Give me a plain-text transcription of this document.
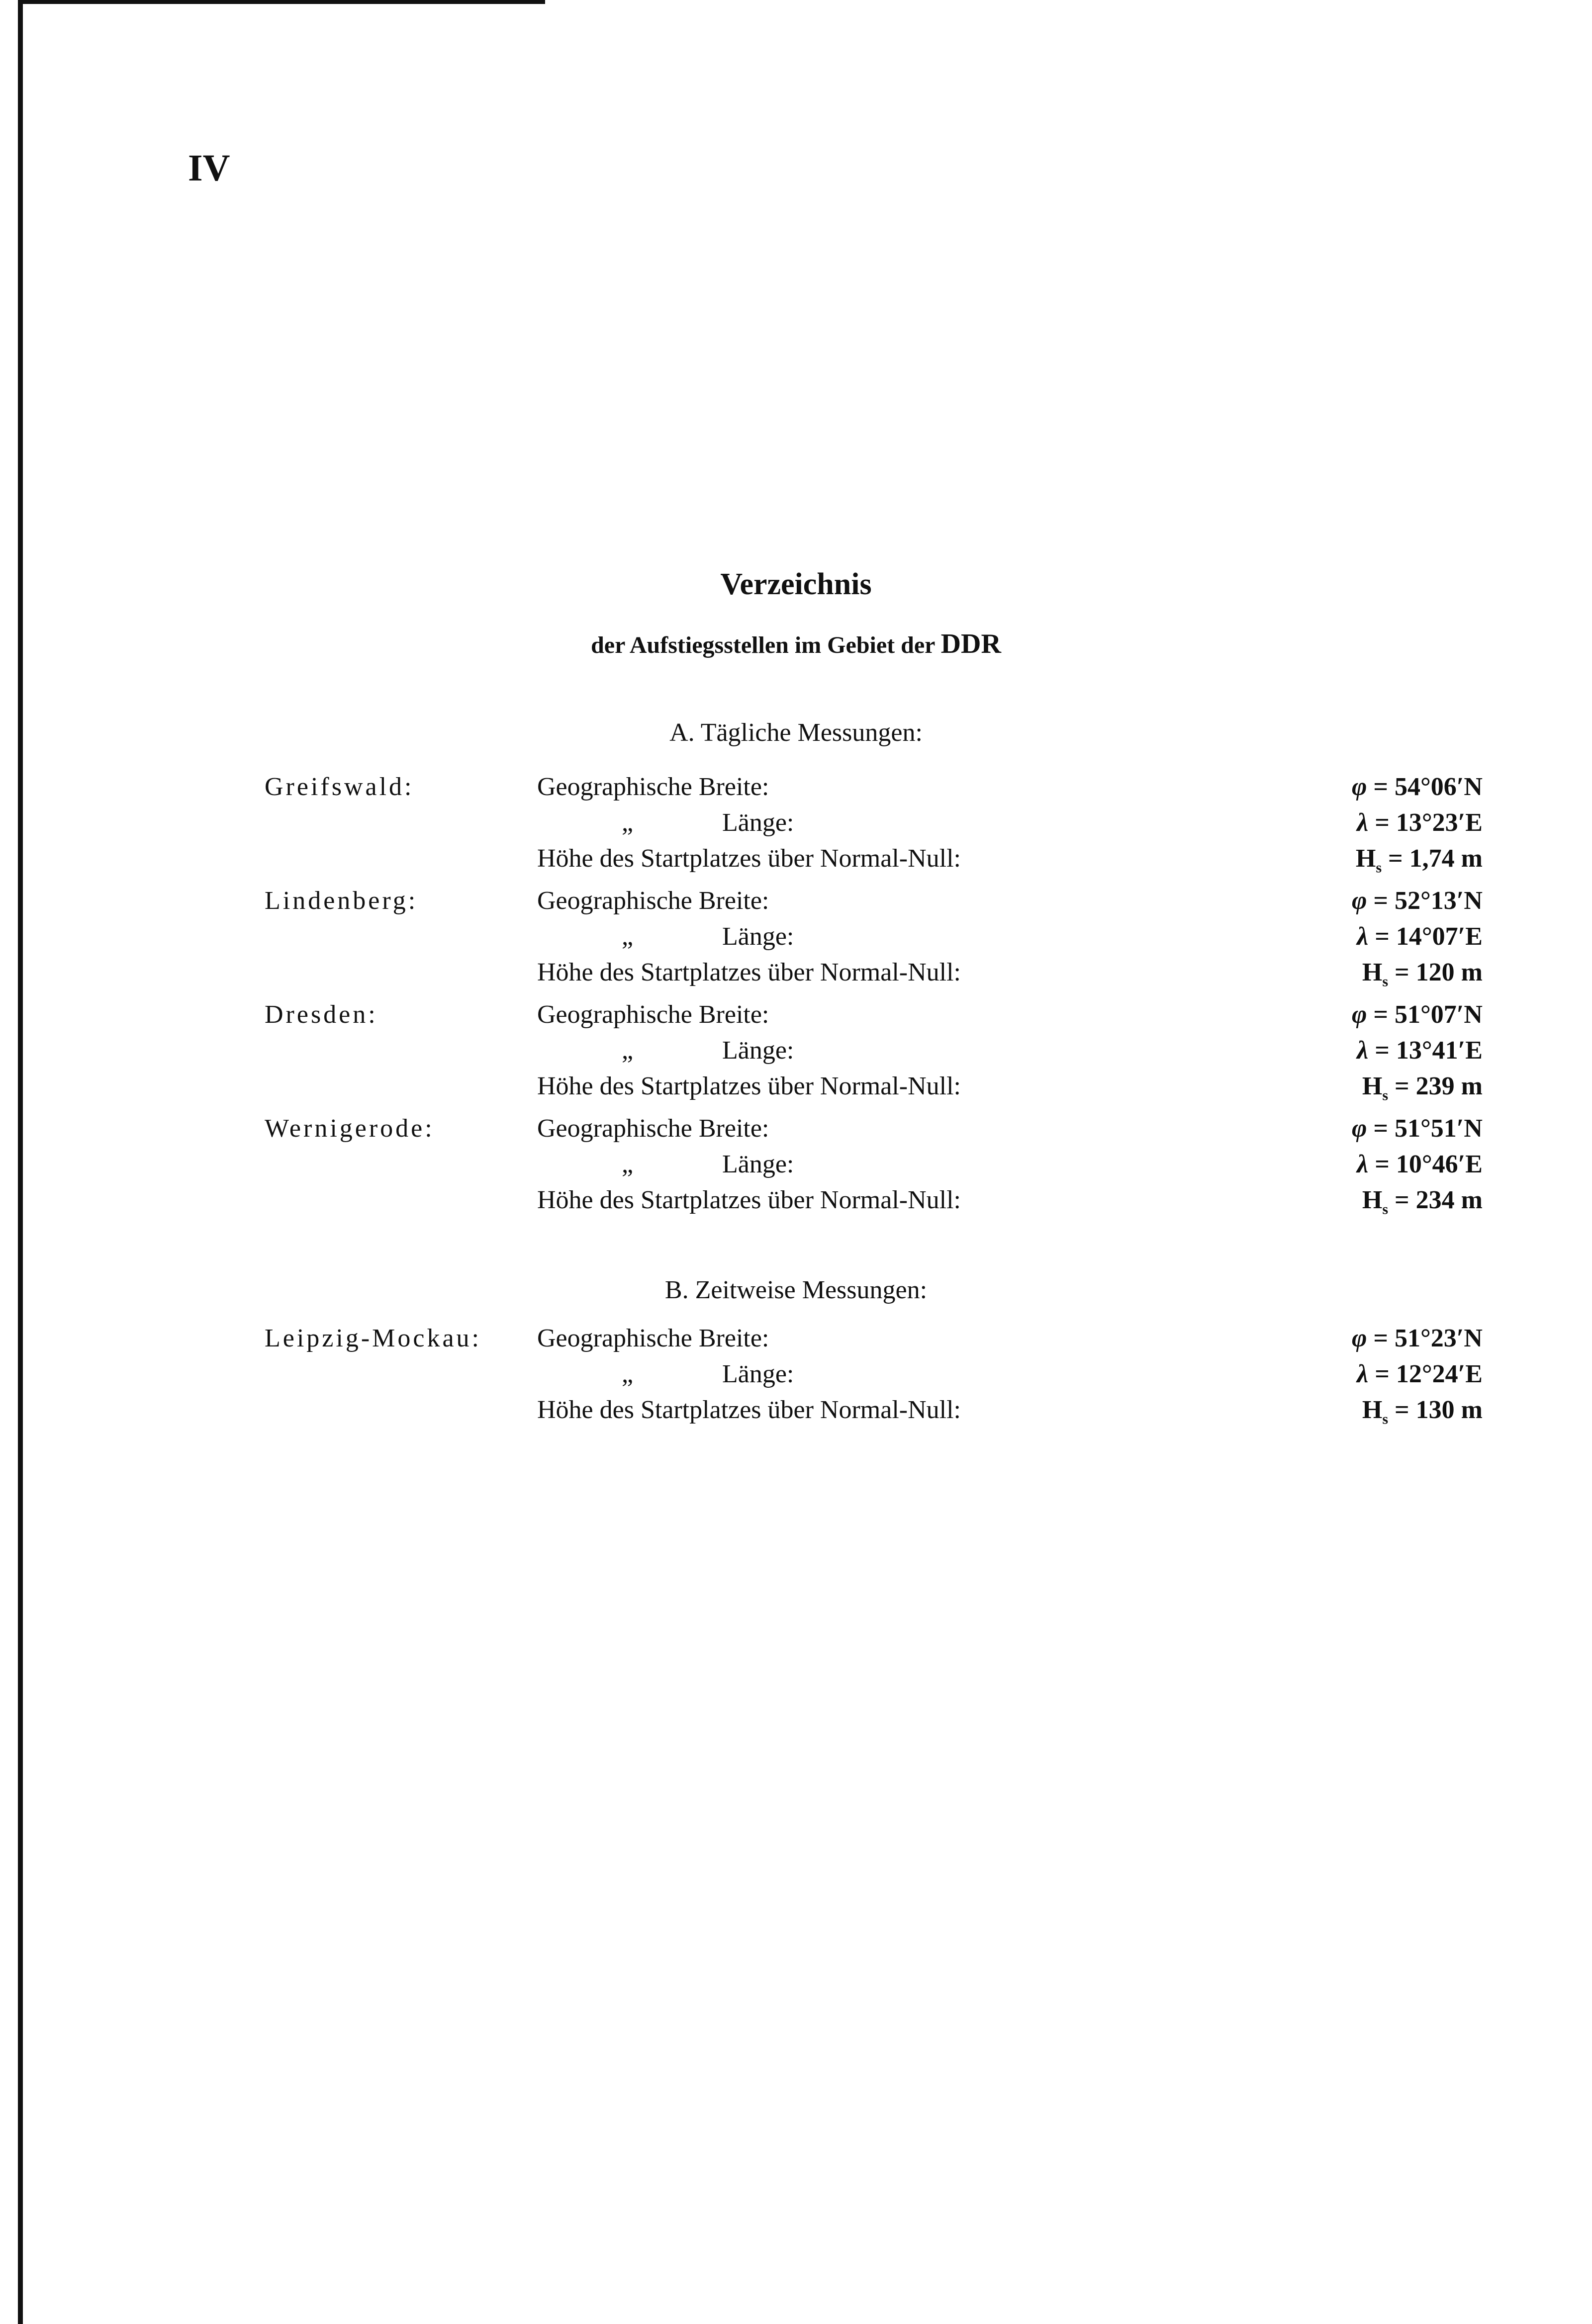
IV
Verzeichnis
der Aufstiegsstellen im Gebiet der DDR
A. Tägliche Messungen:
Greifswald:	Geographische Breite:	φ = 54°06′N
„	Länge:	λ = 13°23′E
Höhe des Startplatzes über Normal-Null:	$H_s = 1,74$ m
Lindenberg:	Geographische Breite:	φ = 52°13′N
„	Länge:	λ = 14°07′E
Höhe des Startplatzes über Normal-Null:	$H_s = 120$ m
Dresden:	Geographische Breite:	φ = 51°07′N
„	Länge:	λ = 13°41′E
Höhe des Startplatzes über Normal-Null:	$H_s = 239$ m
Wernigerode:	Geographische Breite:	φ = 51°51′N
„	Länge:	λ = 10°46′E
Höhe des Startplatzes über Normal-Null:	$H_s = 234$ m
B. Zeitweise Messungen:
Leipzig-Mockau: Geographische Breite:	φ = 51°23′N
„	Länge:	λ = 12°24′E
Höhe des Startplatzes über Normal-Null:	$H_s = 130$ m
